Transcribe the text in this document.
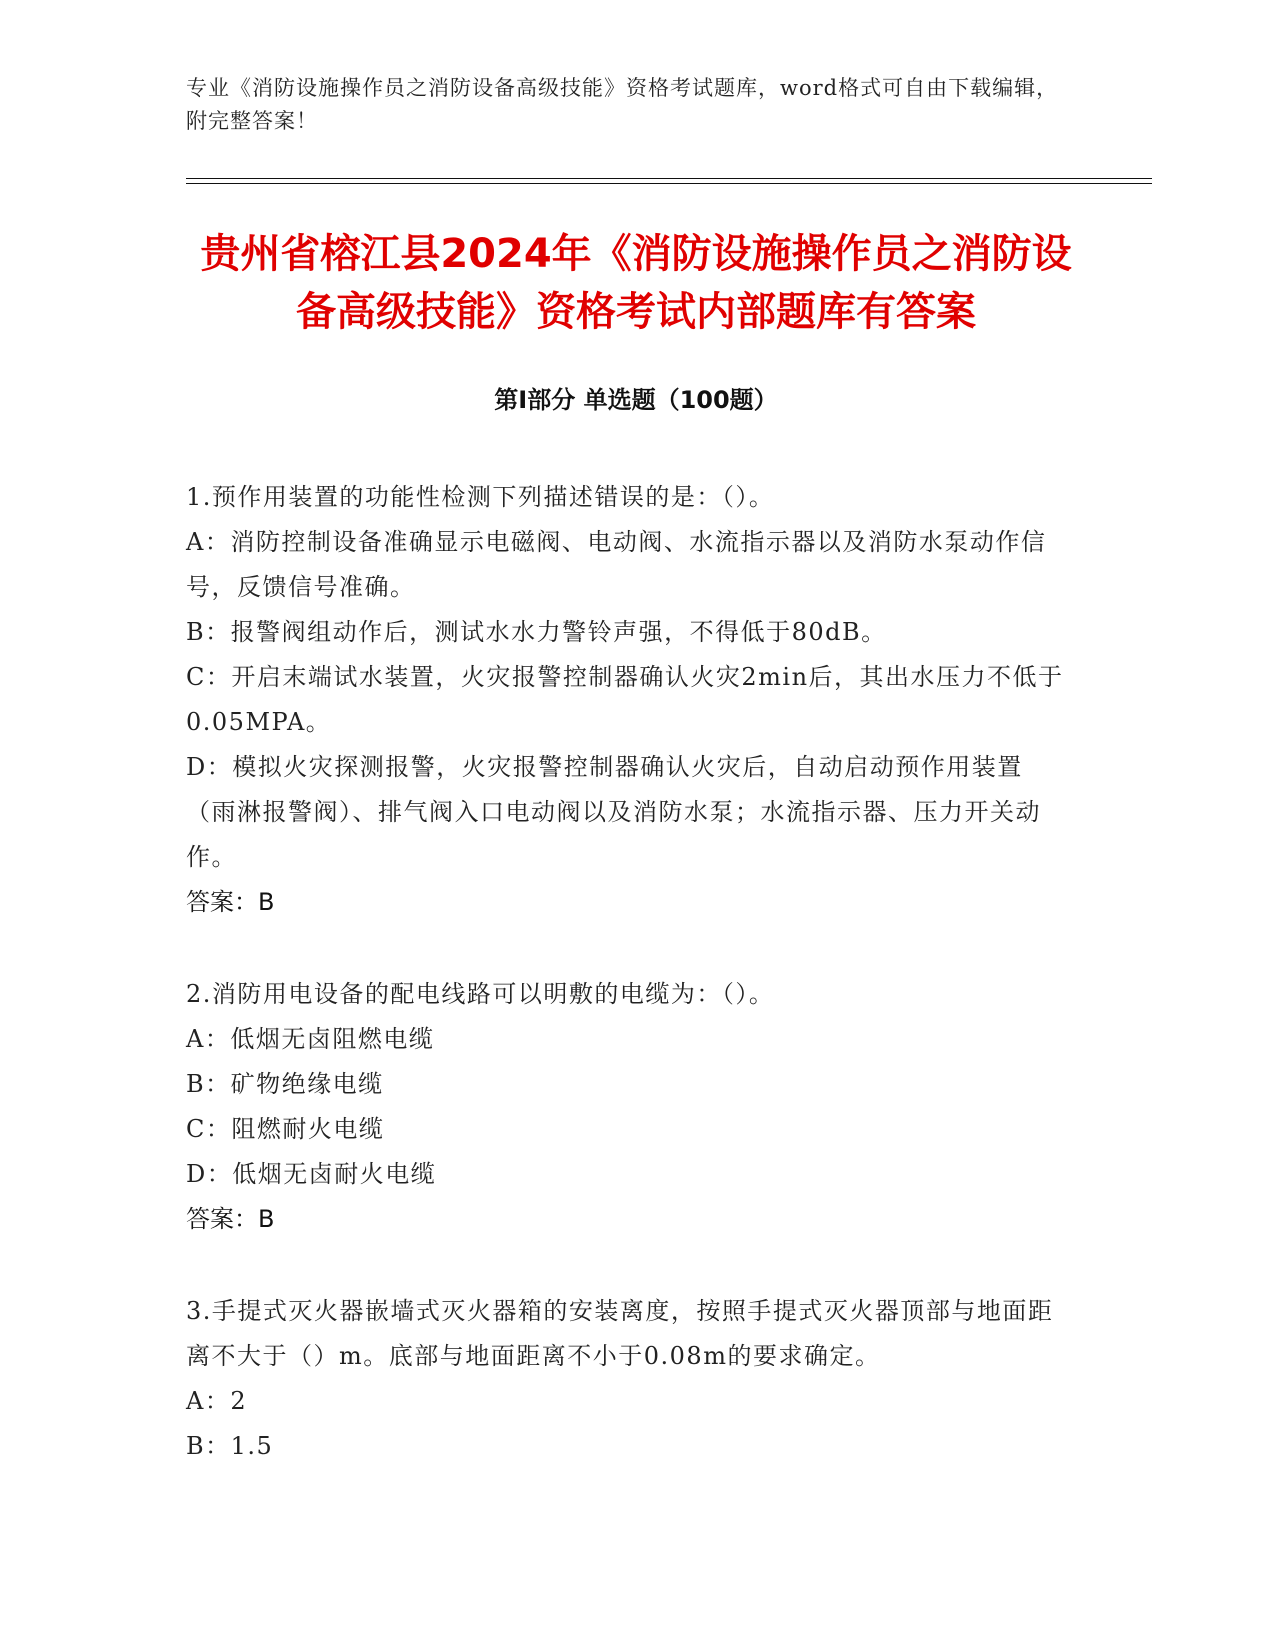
专业《消防设施操作员之消防设备高级技能》资格考试题库，word格式可自由下载编辑，附完整答案！
贵州省榕江县2024年《消防设施操作员之消防设备高级技能》资格考试内部题库有答案
第Ⅰ部分 单选题（100题）

1.预作用装置的功能性检测下列描述错误的是：（）。

A：消防控制设备准确显示电磁阀、电动阀、水流指示器以及消防水泵动作信号，反馈信号准确。

B：报警阀组动作后，测试水水力警铃声强，不得低于80dB。

C：开启末端试水装置，火灾报警控制器确认火灾2min后，其出水压力不低于0.05MPA。

D：模拟火灾探测报警，火灾报警控制器确认火灾后，自动启动预作用装置（雨淋报警阀）、排气阀入口电动阀以及消防水泵；水流指示器、压力开关动作。

答案：B

2.消防用电设备的配电线路可以明敷的电缆为：（）。

A：低烟无卤阻燃电缆

B：矿物绝缘电缆

C：阻燃耐火电缆

D：低烟无卤耐火电缆

答案：B

3.手提式灭火器嵌墙式灭火器箱的安装离度，按照手提式灭火器顶部与地面距离不大于（）m。底部与地面距离不小于0.08m的要求确定。

A：2

B：1.5
